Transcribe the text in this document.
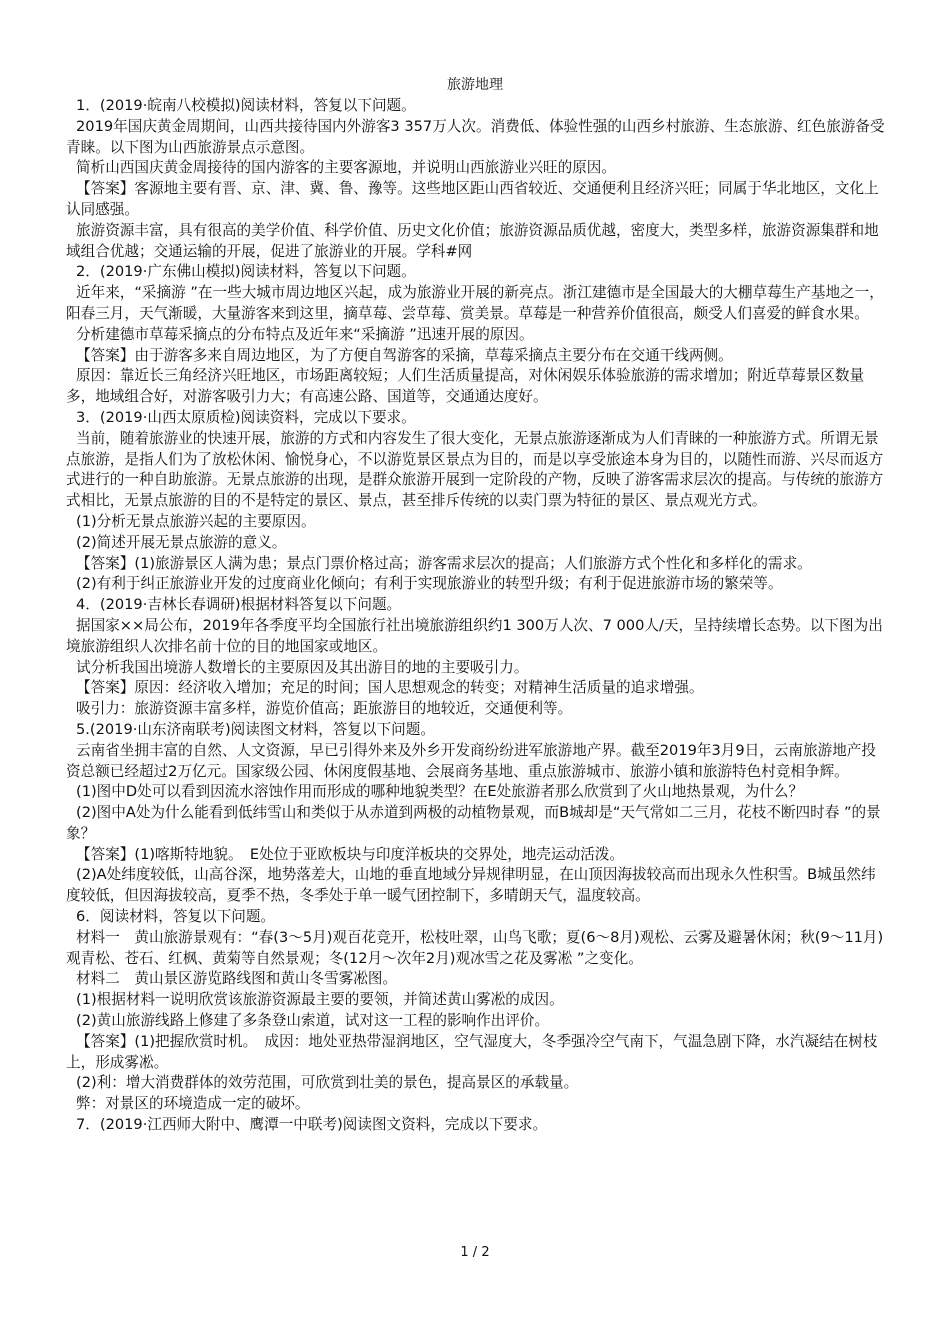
旅游地理

1．(2019·皖南八校模拟)阅读材料，答复以下问题。

2019年国庆黄金周期间，山西共接待国内外游客3 357万人次。消费低、体验性强的山西乡村旅游、生态旅游、红色旅游备受青睐。以下图为山西旅游景点示意图。

简析山西国庆黄金周接待的国内游客的主要客源地，并说明山西旅游业兴旺的原因。

【答案】客源地主要有晋、京、津、冀、鲁、豫等。这些地区距山西省较近、交通便利且经济兴旺；同属于华北地区，文化上认同感强。

旅游资源丰富，具有很高的美学价值、科学价值、历史文化价值；旅游资源品质优越，密度大，类型多样，旅游资源集群和地域组合优越；交通运输的开展，促进了旅游业的开展。学科#网

2．(2019·广东佛山模拟)阅读材料，答复以下问题。

近年来，“采摘游 ”在一些大城市周边地区兴起，成为旅游业开展的新亮点。浙江建德市是全国最大的大棚草莓生产基地之一，阳春三月，天气渐暖，大量游客来到这里，摘草莓、尝草莓、赏美景。草莓是一种营养价值很高，颇受人们喜爱的鲜食水果。

分析建德市草莓采摘点的分布特点及近年来“采摘游 ”迅速开展的原因。

【答案】由于游客多来自周边地区，为了方便自驾游客的采摘，草莓采摘点主要分布在交通干线两侧。

原因：靠近长三角经济兴旺地区，市场距离较短；人们生活质量提高，对休闲娱乐体验旅游的需求增加；附近草莓景区数量多，地域组合好，对游客吸引力大；有高速公路、国道等，交通通达度好。

3．(2019·山西太原质检)阅读资料，完成以下要求。

当前，随着旅游业的快速开展，旅游的方式和内容发生了很大变化，无景点旅游逐渐成为人们青睐的一种旅游方式。所谓无景点旅游，是指人们为了放松休闲、愉悦身心，不以游览景区景点为目的，而是以享受旅途本身为目的，以随性而游、兴尽而返方式进行的一种自助旅游。无景点旅游的出现，是群众旅游开展到一定阶段的产物，反映了游客需求层次的提高。与传统的旅游方式相比，无景点旅游的目的不是特定的景区、景点，甚至排斥传统的以卖门票为特征的景区、景点观光方式。

(1)分析无景点旅游兴起的主要原因。

(2)简述开展无景点旅游的意义。

【答案】(1)旅游景区人满为患；景点门票价格过高；游客需求层次的提高；人们旅游方式个性化和多样化的需求。

(2)有利于纠正旅游业开发的过度商业化倾向；有利于实现旅游业的转型升级；有利于促进旅游市场的繁荣等。

4．(2019·吉林长春调研)根据材料答复以下问题。

据国家××局公布，2019年各季度平均全国旅行社出境旅游组织约1 300万人次、7 000人/天，呈持续增长态势。以下图为出境旅游组织人次排名前十位的目的地国家或地区。

试分析我国出境游人数增长的主要原因及其出游目的地的主要吸引力。

【答案】原因：经济收入增加；充足的时间；国人思想观念的转变；对精神生活质量的追求增强。

吸引力：旅游资源丰富多样，游览价值高；距旅游目的地较近，交通便利等。

5.(2019·山东济南联考)阅读图文材料，答复以下问题。

云南省坐拥丰富的自然、人文资源，早已引得外来及外乡开发商纷纷进军旅游地产界。截至2019年3月9日，云南旅游地产投资总额已经超过2万亿元。国家级公园、休闲度假基地、会展商务基地、重点旅游城市、旅游小镇和旅游特色村竞相争辉。

(1)图中D处可以看到因流水溶蚀作用而形成的哪种地貌类型？在E处旅游者那么欣赏到了火山地热景观，为什么？

(2)图中A处为什么能看到低纬雪山和类似于从赤道到两极的动植物景观，而B城却是“天气常如二三月，花枝不断四时春 ”的景象？

【答案】(1)喀斯特地貌。　E处位于亚欧板块与印度洋板块的交界处，地壳运动活泼。

(2)A处纬度较低，山高谷深，地势落差大，山地的垂直地域分异规律明显，在山顶因海拔较高而出现永久性积雪。B城虽然纬度较低，但因海拔较高，夏季不热，冬季处于单一暖气团控制下，多晴朗天气，温度较高。

6．阅读材料，答复以下问题。

材料一　黄山旅游景观有：“春(3～5月)观百花竞开，松枝吐翠，山鸟飞歌；夏(6～8月)观松、云雾及避暑休闲；秋(9～11月)观青松、苍石、红枫、黄菊等自然景观；冬(12月～次年2月)观冰雪之花及雾凇 ”之变化。

材料二　黄山景区游览路线图和黄山冬雪雾凇图。

(1)根据材料一说明欣赏该旅游资源最主要的要领，并简述黄山雾凇的成因。

(2)黄山旅游线路上修建了多条登山索道，试对这一工程的影响作出评价。

【答案】(1)把握欣赏时机。　成因：地处亚热带湿润地区，空气湿度大，冬季强冷空气南下，气温急剧下降，水汽凝结在树枝上，形成雾凇。

(2)利：增大消费群体的效劳范围，可欣赏到壮美的景色，提高景区的承载量。

弊：对景区的环境造成一定的破坏。

7．(2019·江西师大附中、鹰潭一中联考)阅读图文资料，完成以下要求。

1 / 2
